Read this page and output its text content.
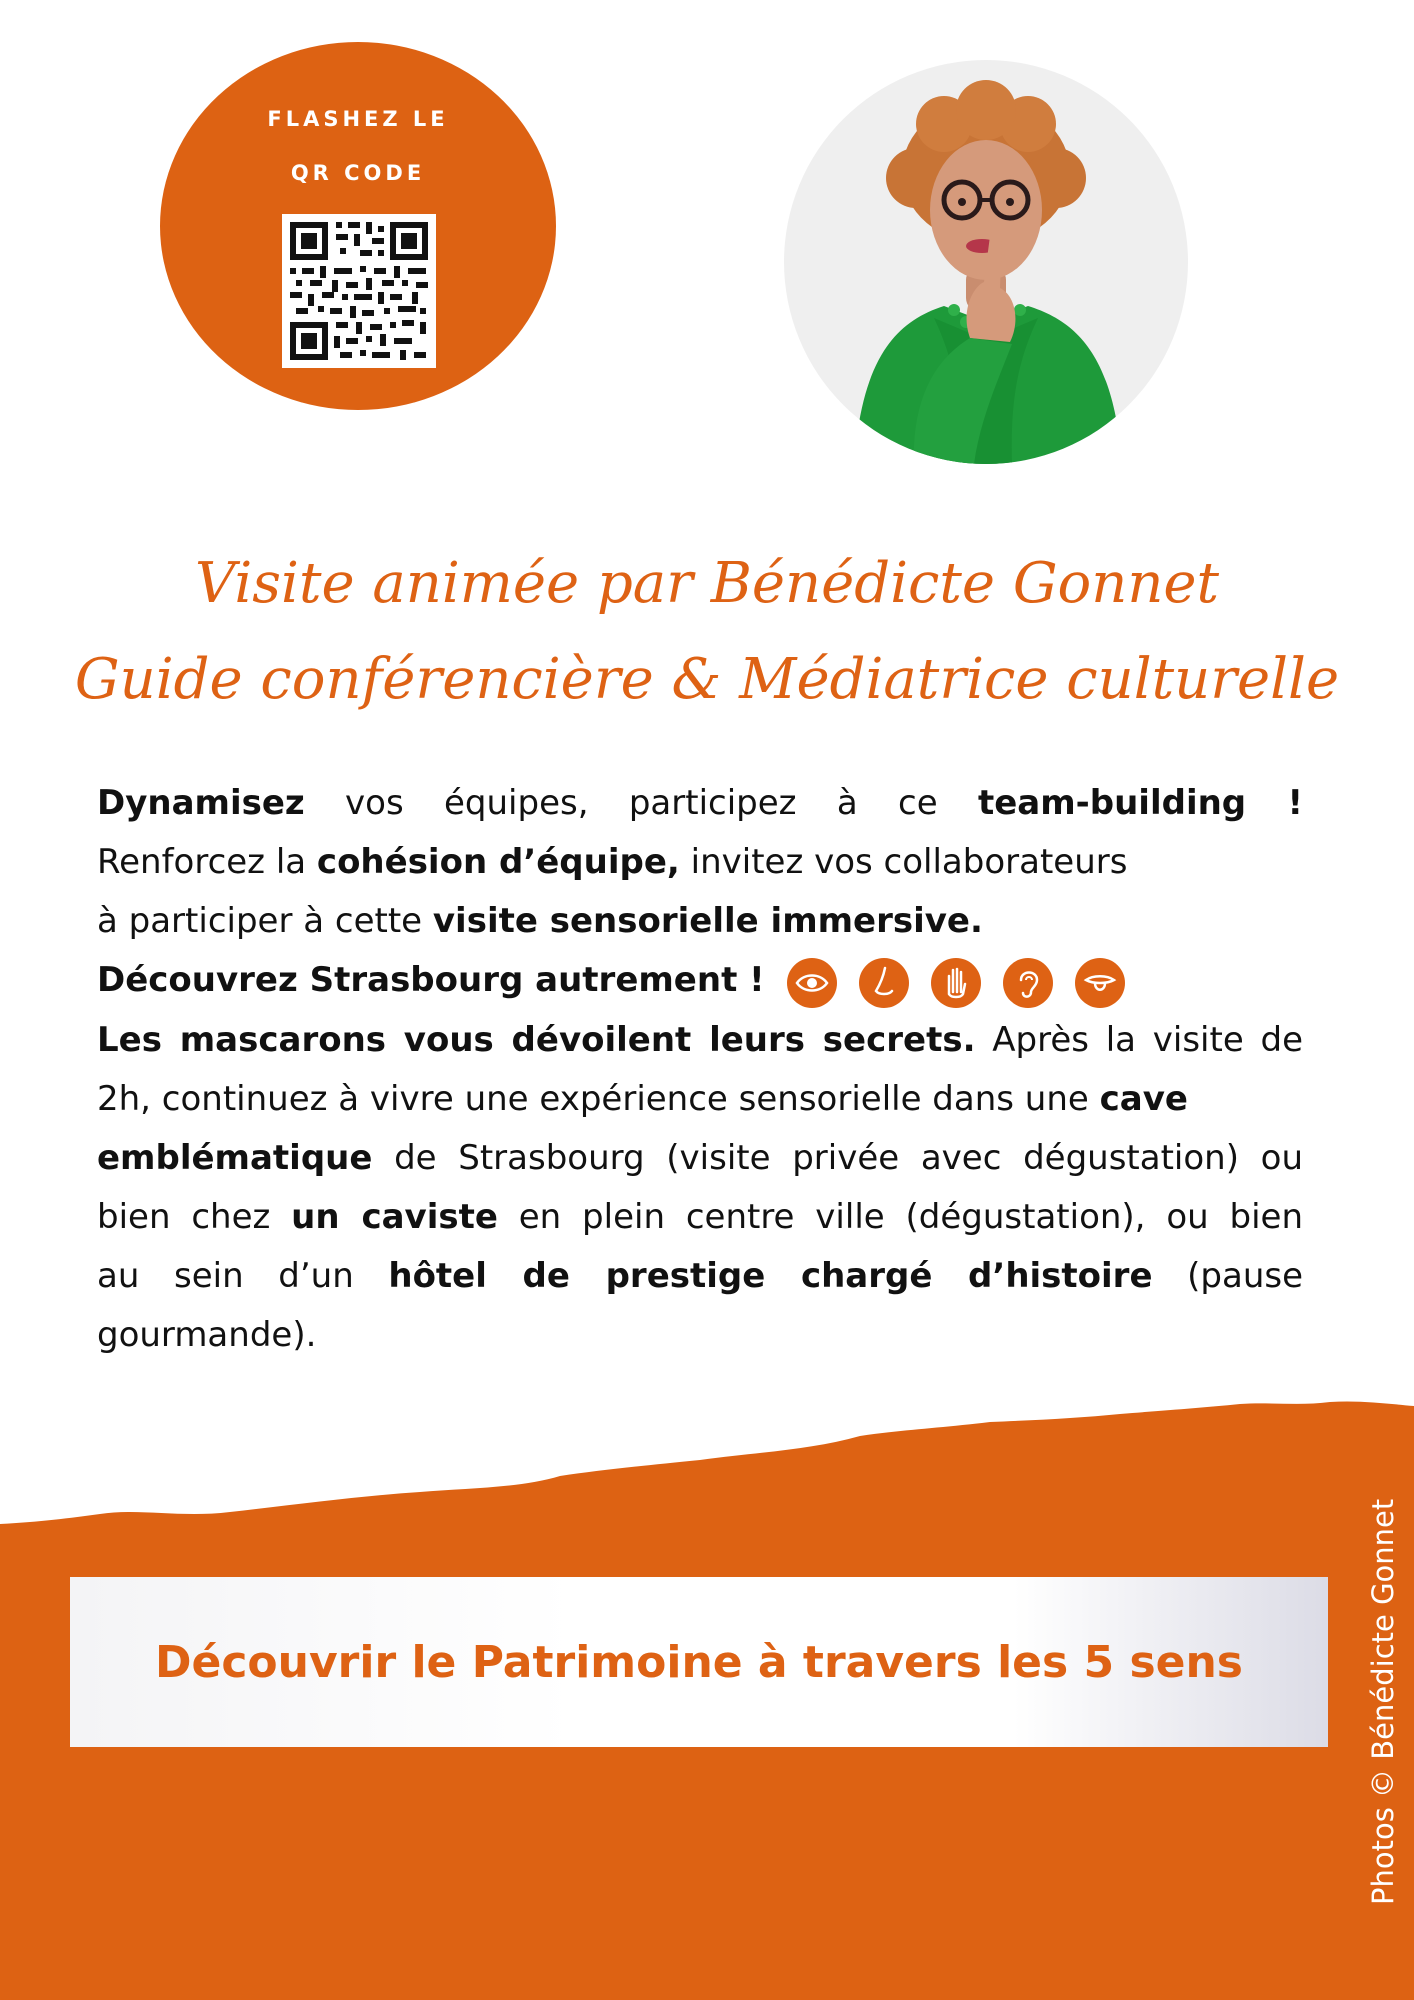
FLASHEZ LE
QR CODE
Visite animée par Bénédicte Gonnet
Guide conférencière & Médiatrice culturelle
Dynamisez vos équipes, participez à ce team-building !
Renforcez la cohésion d’équipe, invitez vos collaborateurs
à participer à cette visite sensorielle immersive.
Découvrez Strasbourg autrement !
Les mascarons vous dévoilent leurs secrets. Après la visite de
2h, continuez à vivre une expérience sensorielle dans une cave
emblématique de Strasbourg (visite privée avec dégustation) ou
bien chez un caviste en plein centre ville (dégustation), ou bien
au sein d’un hôtel de prestige chargé d’histoire (pause
gourmande).
Découvrir le Patrimoine à travers les 5 sens	Photos © Bénédicte Gonnet
